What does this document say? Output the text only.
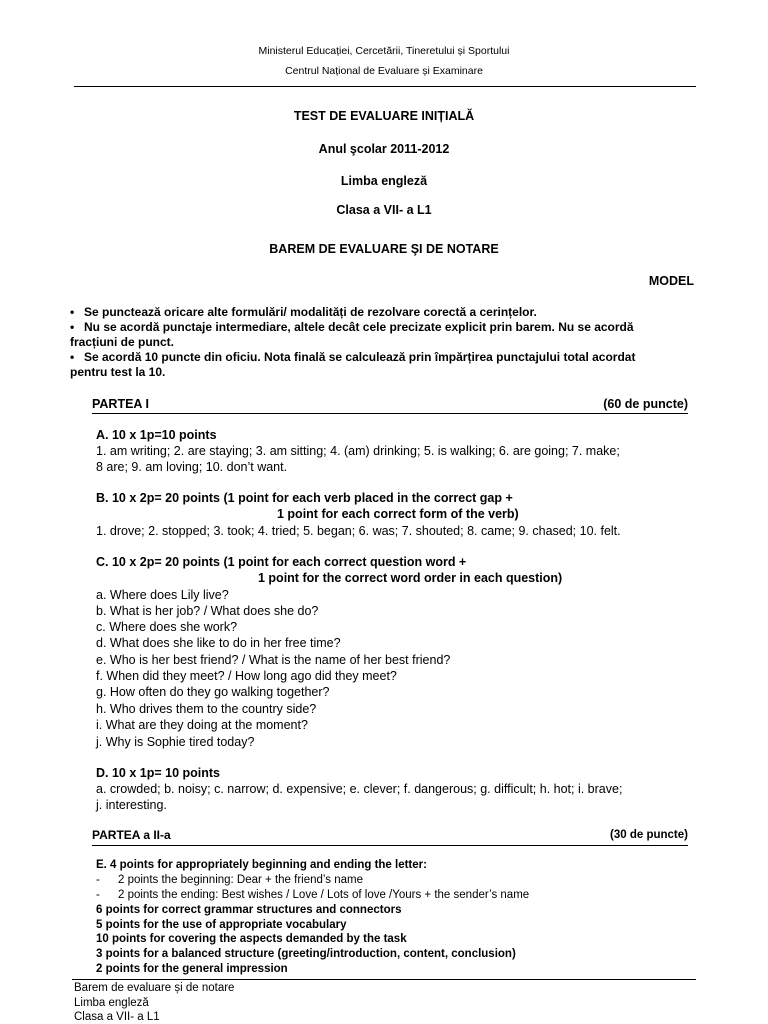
Ministerul Educației, Cercetării, Tineretului și Sportului
Centrul Național de Evaluare și Examinare
TEST DE EVALUARE INIȚIALĂ
Anul şcolar 2011-2012
Limba engleză
Clasa a VII- a L1
BAREM DE EVALUARE ŞI DE NOTARE
MODEL
• Se punctează oricare alte formulări/ modalități de rezolvare corectă a cerințelor.
• Nu se acordă punctaje intermediare, altele decât cele precizate explicit prin barem. Nu se acordă
fracțiuni de punct.
• Se acordă 10 puncte din oficiu. Nota finală se calculează prin împărțirea punctajului total acordat
pentru test la 10.
PARTEA I	(60 de puncte)
A. 10 x 1p=10 points
1. am writing; 2. are staying; 3. am sitting; 4. (am) drinking; 5. is walking; 6. are going; 7. make;
8 are; 9. am loving; 10. don’t want.
B. 10 x 2p= 20 points (1 point for each verb placed in the correct gap +
1 point for each correct form of the verb)
1. drove; 2. stopped; 3. took; 4. tried; 5. began; 6. was; 7. shouted; 8. came; 9. chased; 10. felt.
C. 10 x 2p= 20 points (1 point for each correct question word +
1 point for the correct word order in each question)
a. Where does Lily live?
b. What is her job? / What does she do?
c. Where does she work?
d. What does she like to do in her free time?
e. Who is her best friend? / What is the name of her best friend?
f. When did they meet? / How long ago did they meet?
g. How often do they go walking together?
h. Who drives them to the country side?
i. What are they doing at the moment?
j. Why is Sophie tired today?
D. 10 x 1p= 10 points
a. crowded; b. noisy; c. narrow; d. expensive; e. clever; f. dangerous; g. difficult; h. hot; i. brave;
j. interesting.
PARTEA a II-a	(30 de puncte)
E. 4 points for appropriately beginning and ending the letter:
- 2 points the beginning: Dear + the friend’s name
- 2 points the ending: Best wishes / Love / Lots of love /Yours + the sender’s name
6 points for correct grammar structures and connectors
5 points for the use of appropriate vocabulary
10 points for covering the aspects demanded by the task
3 points for a balanced structure (greeting/introduction, content, conclusion)
2 points for the general impression
Barem de evaluare și de notare
Limba engleză
Clasa a VII- a L1
